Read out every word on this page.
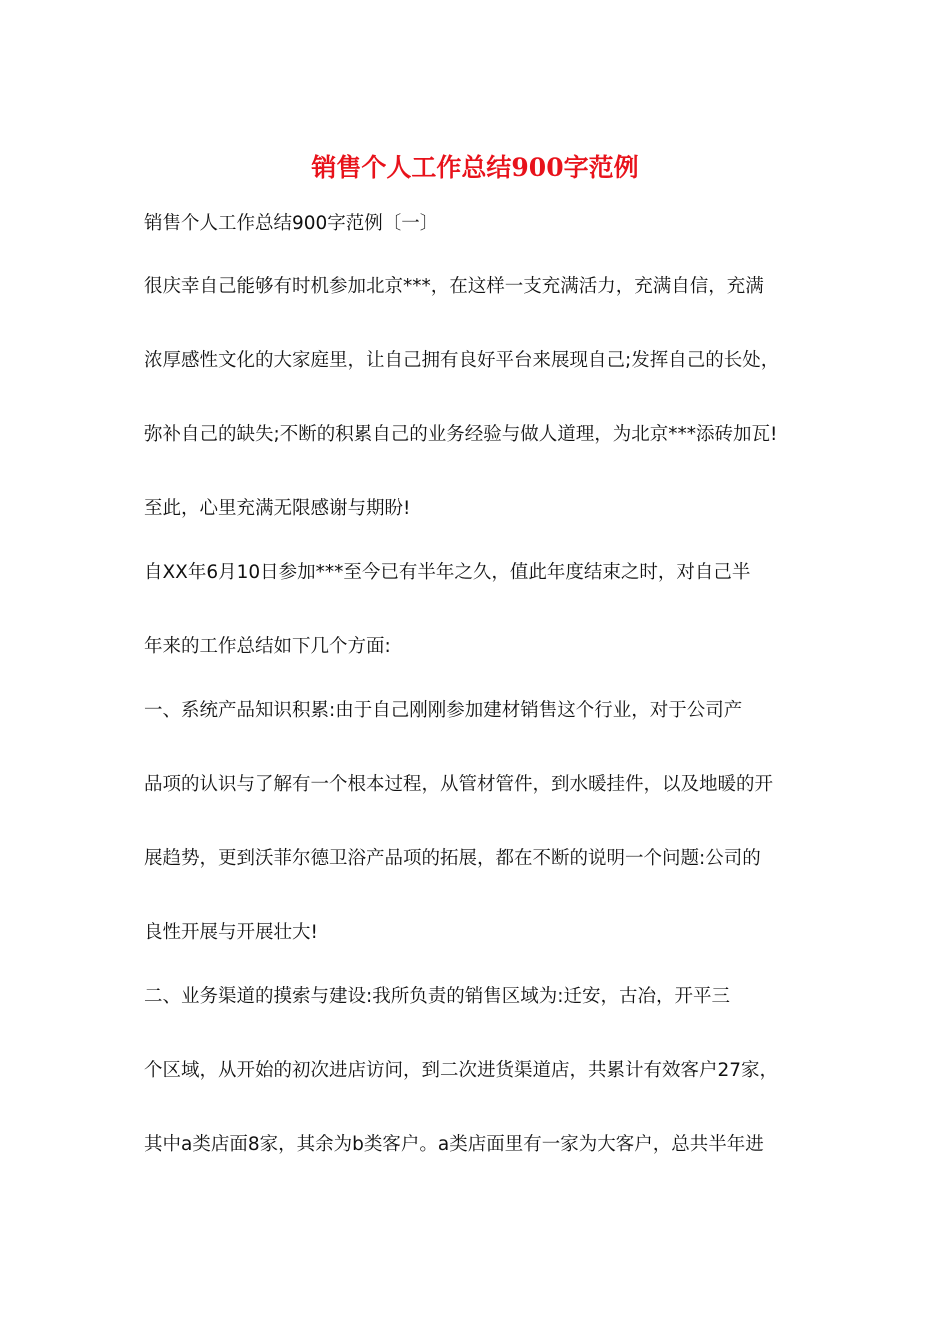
销售个人工作总结900字范例

销售个人工作总结900字范例〔一〕

很庆幸自己能够有时机参加北京***，在这样一支充满活力，充满自信，充满

浓厚感性文化的大家庭里，让自己拥有良好平台来展现自己;发挥自己的长处，

弥补自己的缺失;不断的积累自己的业务经验与做人道理，为北京***添砖加瓦!

至此，心里充满无限感谢与期盼!

自XX年6月10日参加***至今已有半年之久，值此年度结束之时，对自己半

年来的工作总结如下几个方面:

一、系统产品知识积累:由于自己刚刚参加建材销售这个行业，对于公司产

品项的认识与了解有一个根本过程，从管材管件，到水暖挂件，以及地暖的开

展趋势，更到沃菲尔德卫浴产品项的拓展，都在不断的说明一个问题:公司的

良性开展与开展壮大!

二、业务渠道的摸索与建设:我所负责的销售区域为:迁安，古冶，开平三

个区域，从开始的初次进店访问，到二次进货渠道店，共累计有效客户27家，

其中a类店面8家，其余为b类客户。a类店面里有一家为大客户，总共半年进
